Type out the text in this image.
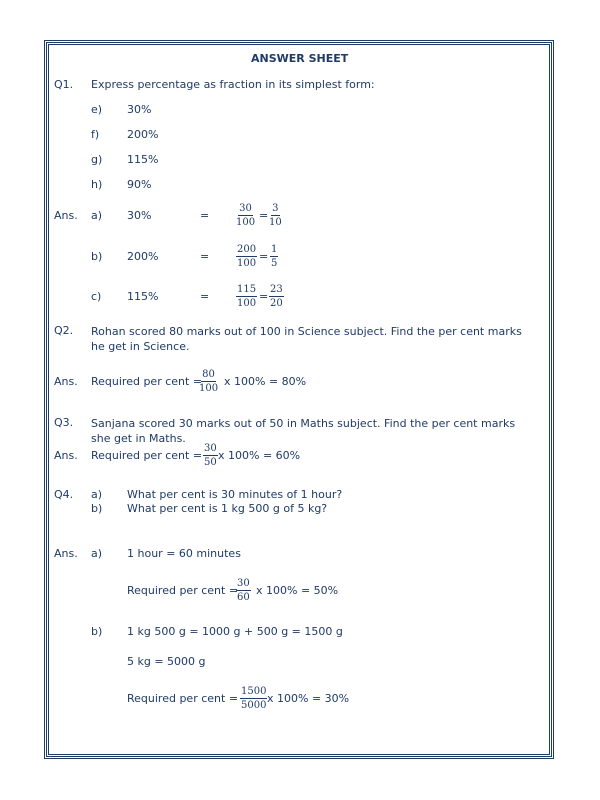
ANSWER SHEET
Q1. Express percentage as fraction in its simplest form:
e) 30%
f)	200%
g) 115%
h) 90%
Ans. a) 30%	=	$\frac{30}{100} = \frac{3}{10}$
b) 200%	=	$\frac{200}{100} = \frac{1}{5}$
c) 115%	=	$\frac{115}{100} = \frac{23}{20}$
Q2. Rohan scored 80 marks out of 100 in Science subject. Find the per cent marks he get in Science.
Ans. Required per cent =
$\frac{80}{100}$ x 100% = 80%
Q3. Sanjana scored 30 marks out of 50 in Maths subject. Find the per cent marks she get in Maths.
Ans. Required per cent = $\frac{30}{50}$ x 100% = 60%
Q4. a) What per cent is 30 minutes of 1 hour?
b) What per cent is 1 kg 500 g of 5 kg?
Ans. a) 1 hour = 60 minutes
Required per cent =
$\frac{30}{60}$ x 100% = 50%
b) 1 kg 500 g = 1000 g + 500 g = 1500 g
5 kg = 5000 g
Required per cent = $\frac{1500}{5000}$ x 100% = 30%
